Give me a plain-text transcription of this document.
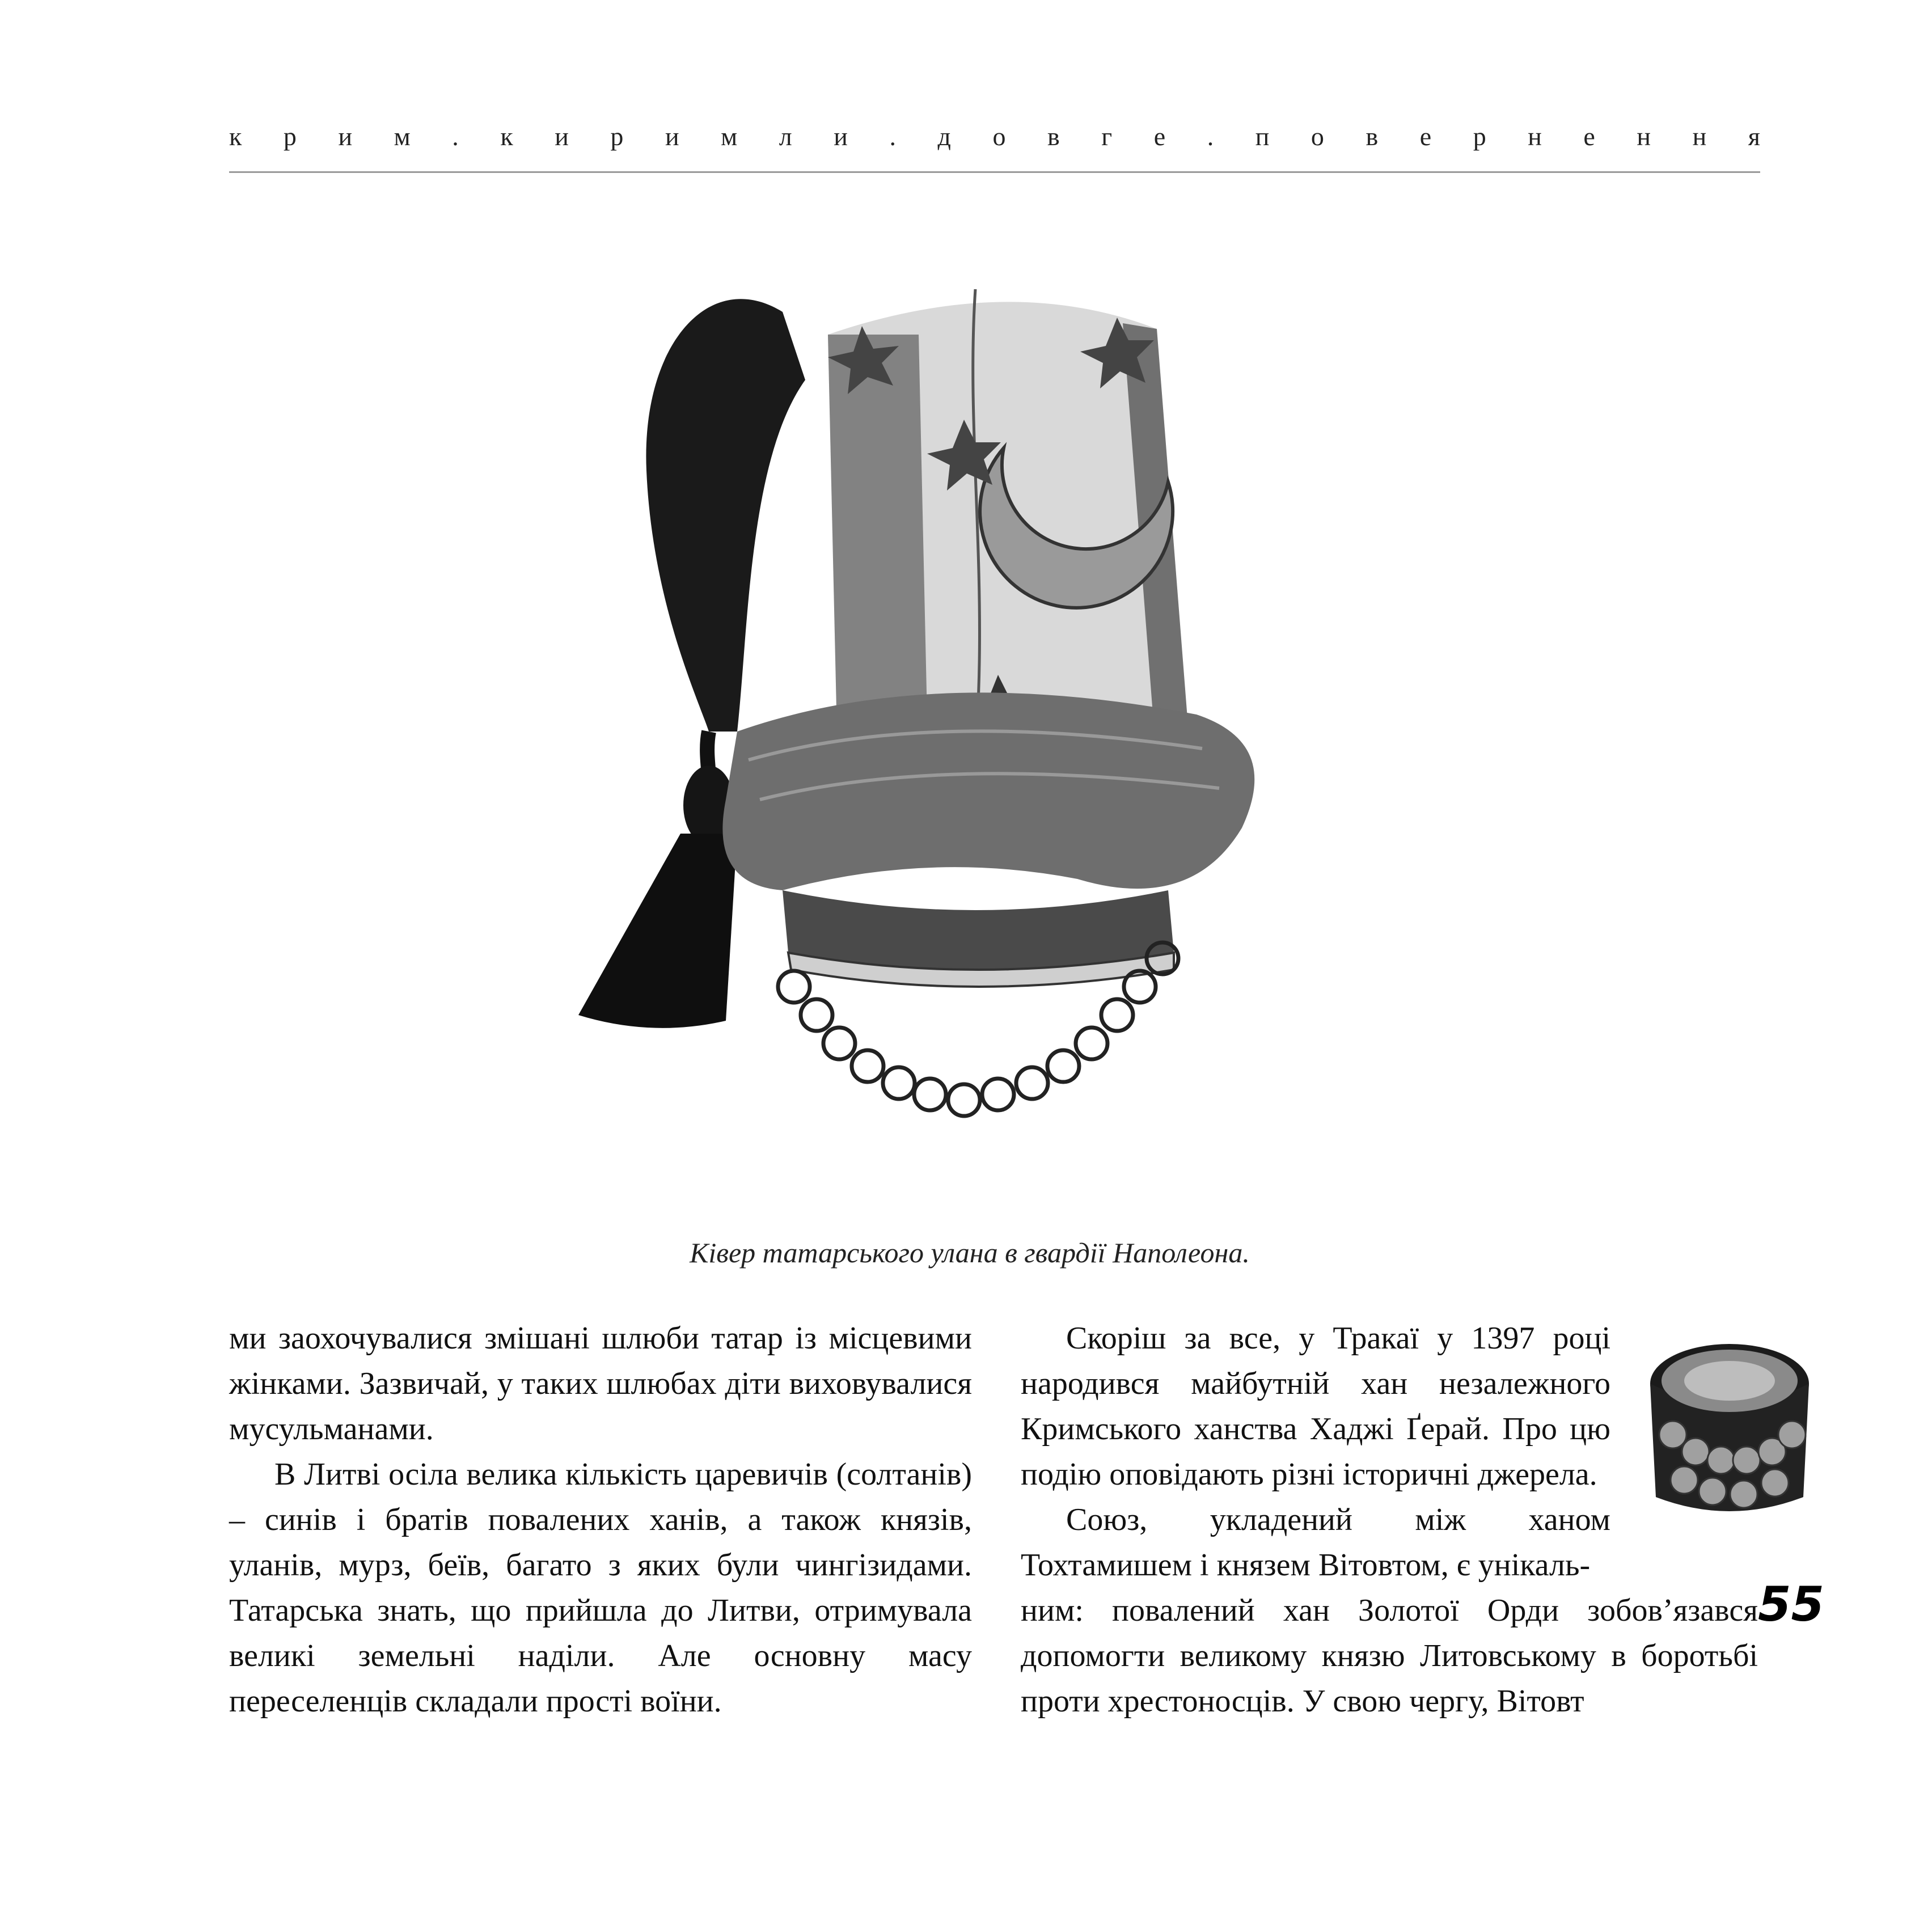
к р и м . к и р и м л и . д о в г е . п о в е р н е н н я
Ківер татарського улана в гвардії Наполеона.

ми заохочувалися змішані шлюби татар із місцевими жінками. Зазвичай, у таких шлюбах діти виховувалися мусульманами.

В Литві осіла велика кількість царевичів (солтанів) – синів і братів повалених ханів, а також князів, уланів, мурз, беїв, багато з яких були чингізидами. Татарська знать, що прийшла до Литви, отримувала великі земельні наділи. Але основну масу переселенців складали прості воїни.

Скоріш за все, у Тракаї у 1397 році народився майбутній хан незалежного Кримського ханства Хаджі Ґерай. Про цю подію оповідають різні історичні джерела.

Союз, укладений між ханом Тохтамишем і князем Вітовтом, є унікаль-

ним: повалений хан Золотої Орди зобов’язався допомогти великому князю Литовському в боротьбі проти хрестоносців. У свою чергу, Вітовт

55
